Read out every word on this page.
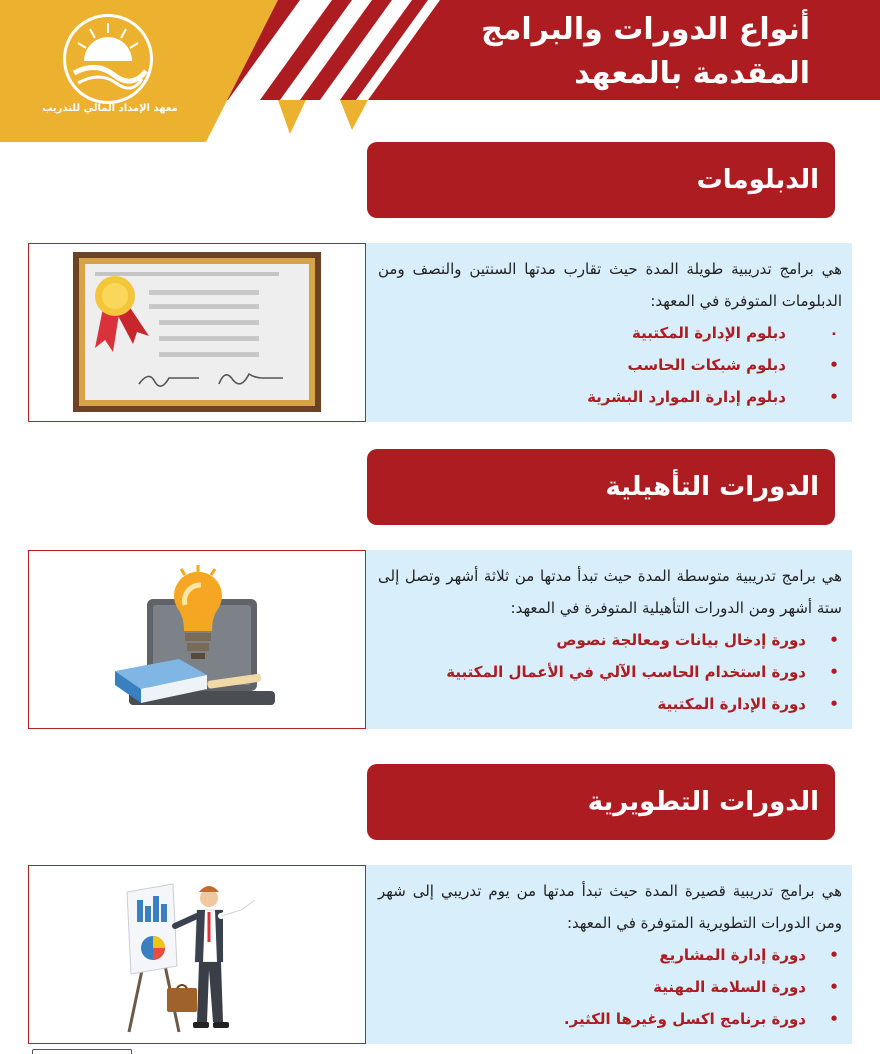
معهد الإمداد المالي للتدريب
أنواع الدورات والبرامج
المقدمة بالمعهد
الدبلومات

هي برامج تدريبية طويلة المدة حيث تقارب مدتها السنتين والنصف ومن الدبلومات المتوفرة في المعهد:

۰
دبلوم الإدارة المكتبية
•
دبلوم شبكات الحاسب
•
دبلوم إدارة الموارد البشرية
الدورات التأهيلية

هي برامج تدريبية متوسطة المدة حيث تبدأ مدتها من ثلاثة أشهر وتصل إلى ستة أشهر ومن الدورات التأهيلية المتوفرة في المعهد:

•
دورة إدخال بيانات ومعالجة نصوص
•
دورة استخدام الحاسب الآلي في الأعمال المكتبية
•
دورة الإدارة المكتبية
الدورات التطويرية

هي برامج تدريبية قصيرة المدة حيث تبدأ مدتها من يوم تدريبي إلى شهر ومن الدورات التطويرية المتوفرة في المعهد:

•
دورة إدارة المشاريع
•
دورة السلامة المهنية
•
دورة برنامج اكسل وغيرها الكثير.
